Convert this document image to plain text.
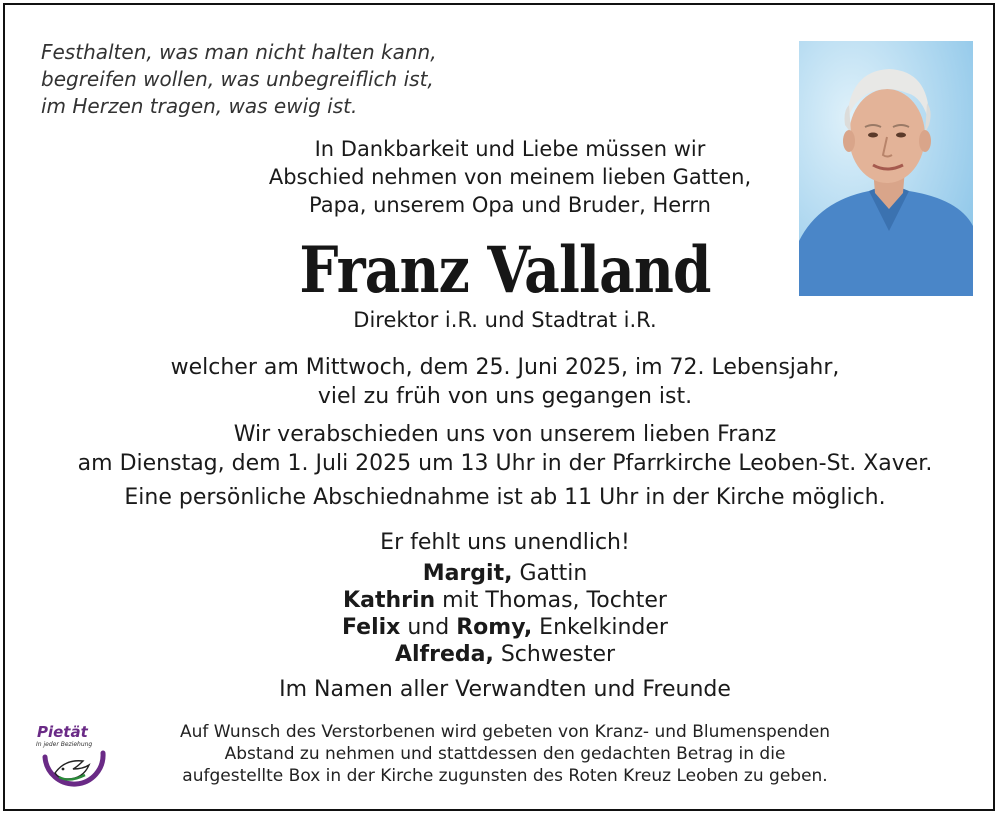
Festhalten, was man nicht halten kann,
begreifen wollen, was unbegreiflich ist,
im Herzen tragen, was ewig ist.
In Dankbarkeit und Liebe müssen wir
Abschied nehmen von meinem lieben Gatten,
Papa, unserem Opa und Bruder, Herrn
Franz Valland
Direktor i.R. und Stadtrat i.R.
welcher am Mittwoch, dem 25. Juni 2025, im 72. Lebensjahr,
viel zu früh von uns gegangen ist.
Wir verabschieden uns von unserem lieben Franz
am Dienstag, dem 1. Juli 2025 um 13 Uhr in der Pfarrkirche Leoben-St. Xaver.
Eine persönliche Abschiednahme ist ab 11 Uhr in der Kirche möglich.
Er fehlt uns unendlich!
Margit, Gattin
Kathrin mit Thomas, Tochter
Felix und Romy, Enkelkinder
Alfreda, Schwester
Im Namen aller Verwandten und Freunde
Pietät
In jeder Beziehung
Auf Wunsch des Verstorbenen wird gebeten von Kranz- und Blumenspenden
Abstand zu nehmen und stattdessen den gedachten Betrag in die
aufgestellte Box in der Kirche zugunsten des Roten Kreuz Leoben zu geben.
